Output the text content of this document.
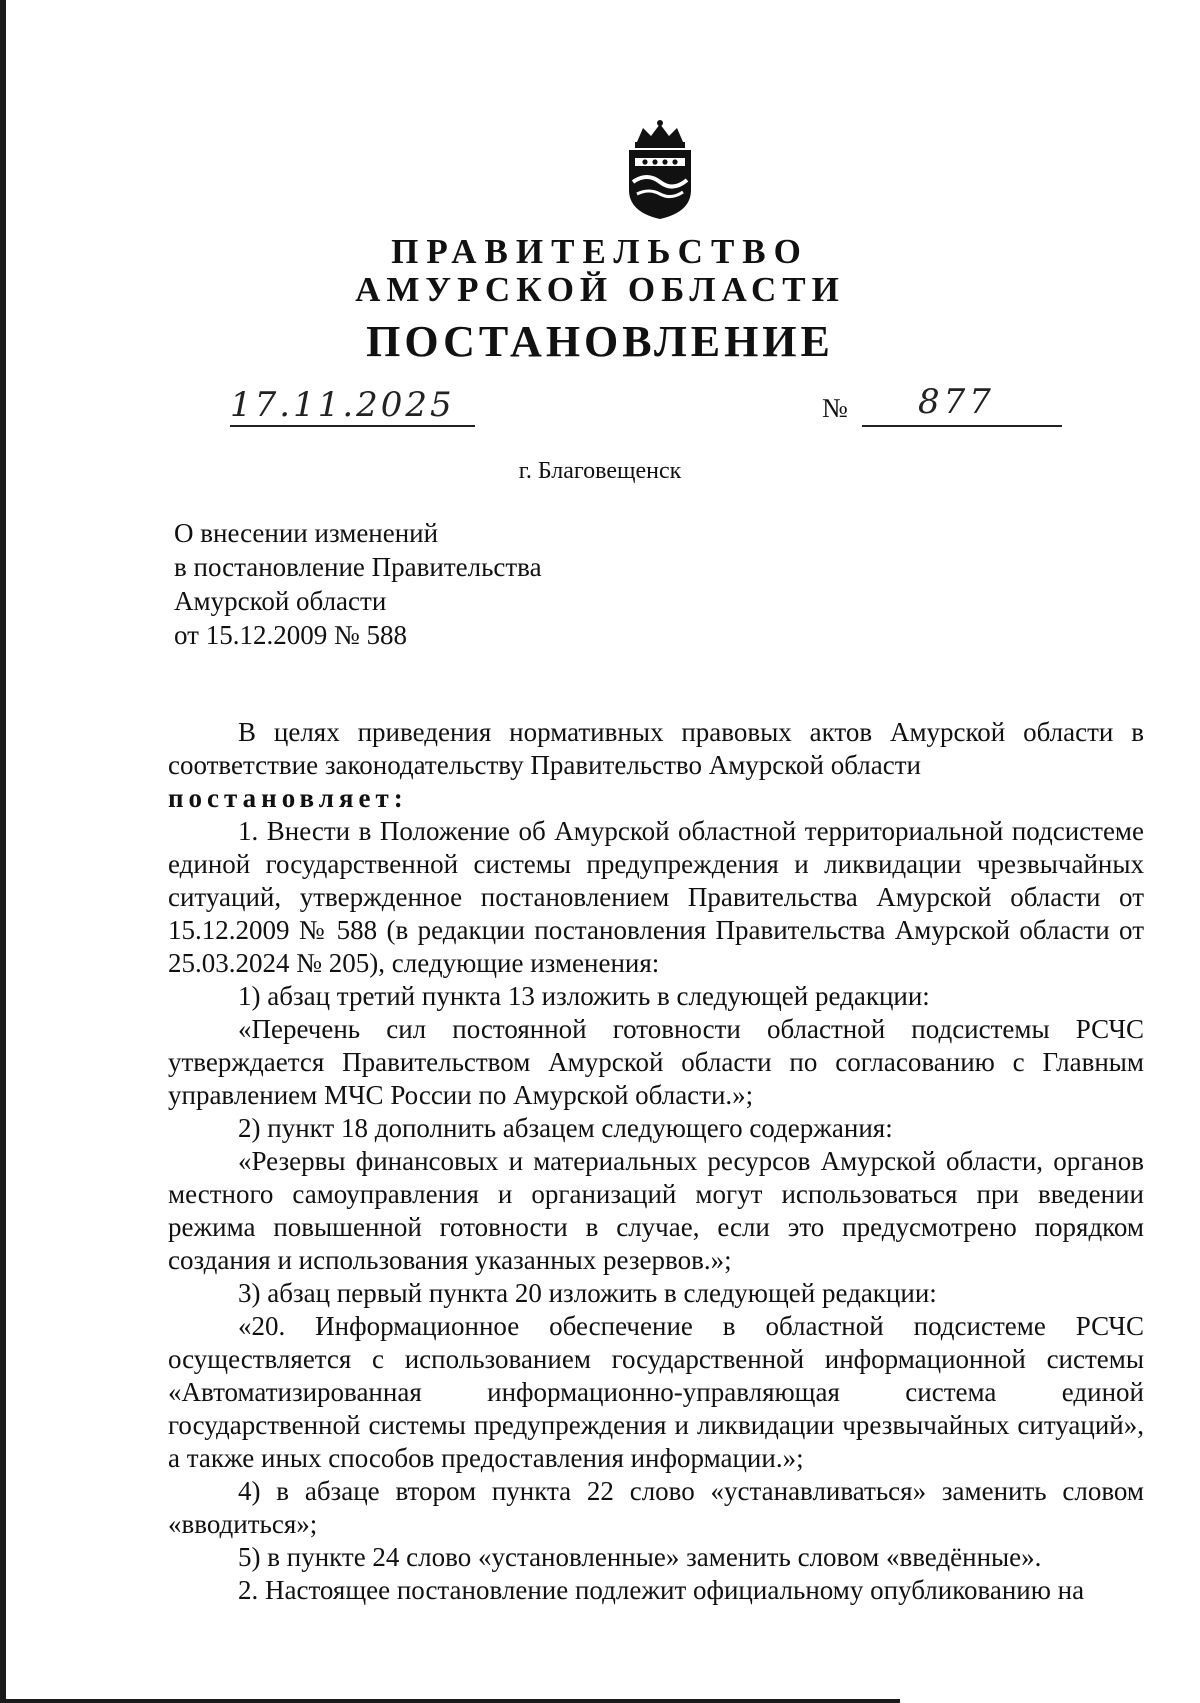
ПРАВИТЕЛЬСТВО
АМУРСКОЙ ОБЛАСТИ
ПОСТАНОВЛЕНИЕ
17.11.2025	№ 877
г. Благовещенск
О внесении изменений
в постановление Правительства
Амурской области
от 15.12.2009 № 588

В целях приведения нормативных правовых актов Амурской области в соответствие законодательству Правительство Амурской области

постановляет:

1. Внести в Положение об Амурской областной территориальной подсистеме единой государственной системы предупреждения и ликвидации чрезвычайных ситуаций, утвержденное постановлением Правительства Амурской области от 15.12.2009 № 588 (в редакции постановления Правительства Амурской области от 25.03.2024 № 205), следующие изменения:

1) абзац третий пункта 13 изложить в следующей редакции:

«Перечень сил постоянной готовности областной подсистемы РСЧС утверждается Правительством Амурской области по согласованию с Главным управлением МЧС России по Амурской области.»;

2) пункт 18 дополнить абзацем следующего содержания:

«Резервы финансовых и материальных ресурсов Амурской области, органов местного самоуправления и организаций могут использоваться при введении режима повышенной готовности в случае, если это предусмотрено порядком создания и использования указанных резервов.»;

3) абзац первый пункта 20 изложить в следующей редакции:

«20. Информационное обеспечение в областной подсистеме РСЧС осуществляется с использованием государственной информационной системы «Автоматизированная информационно-управляющая система единой государственной системы предупреждения и ликвидации чрезвычайных ситуаций», а также иных способов предоставления информации.»;

4) в абзаце втором пункта 22 слово «устанавливаться» заменить словом «вводиться»;

5) в пункте 24 слово «установленные» заменить словом «введённые».

2. Настоящее постановление подлежит официальному опубликованию на
